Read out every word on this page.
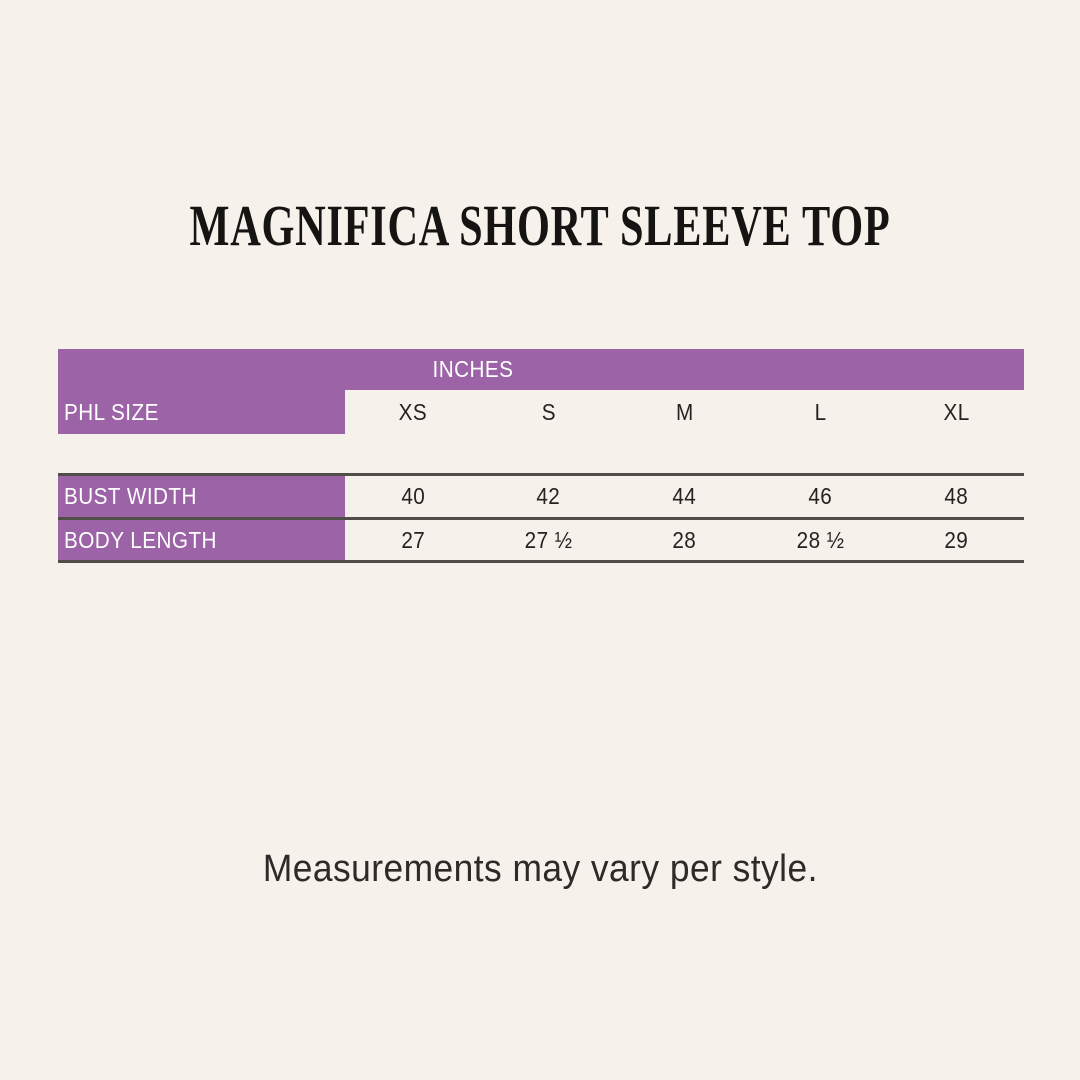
MAGNIFICA SHORT SLEEVE TOP
INCHES
PHL SIZE	XS	S	M	L	XL
BUST WIDTH	40	42	44	46	48
BODY LENGTH	27	27 ½	28	28 ½	29

Measurements may vary per style.
